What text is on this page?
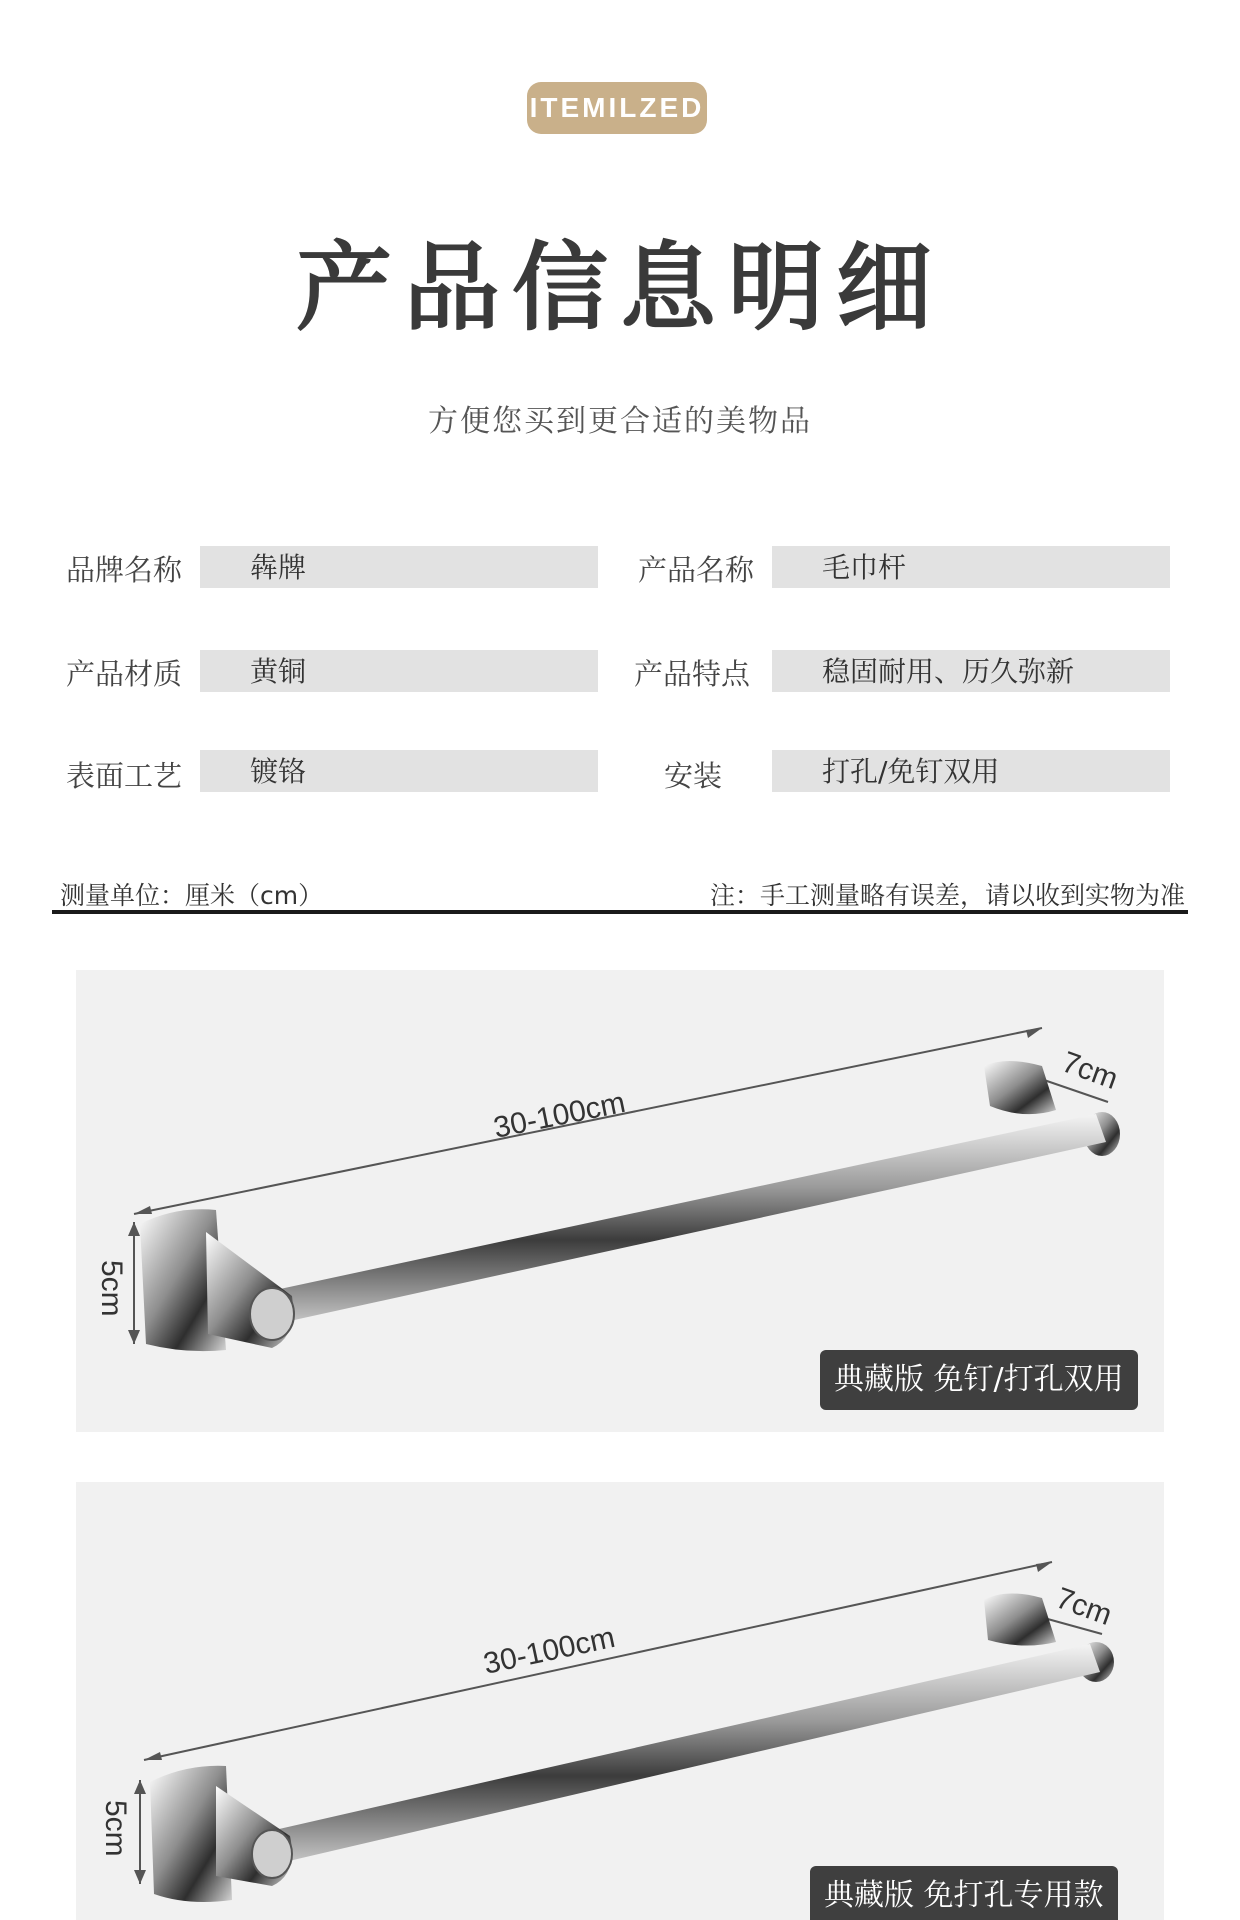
ITEMILZED
产品信息明细
方便您买到更合适的美物品
品牌名称	犇牌	产品名称	毛巾杆
产品材质	黄铜	产品特点	稳固耐用、历久弥新
表面工艺	镀铬	安装	打孔/免钉双用
测量单位：厘米（cm）	注：手工测量略有误差，请以收到实物为准
30-100cm
7cm
5cm
典藏版 免钉/打孔双用
30-100cm
7cm
5cm
典藏版 免打孔专用款
